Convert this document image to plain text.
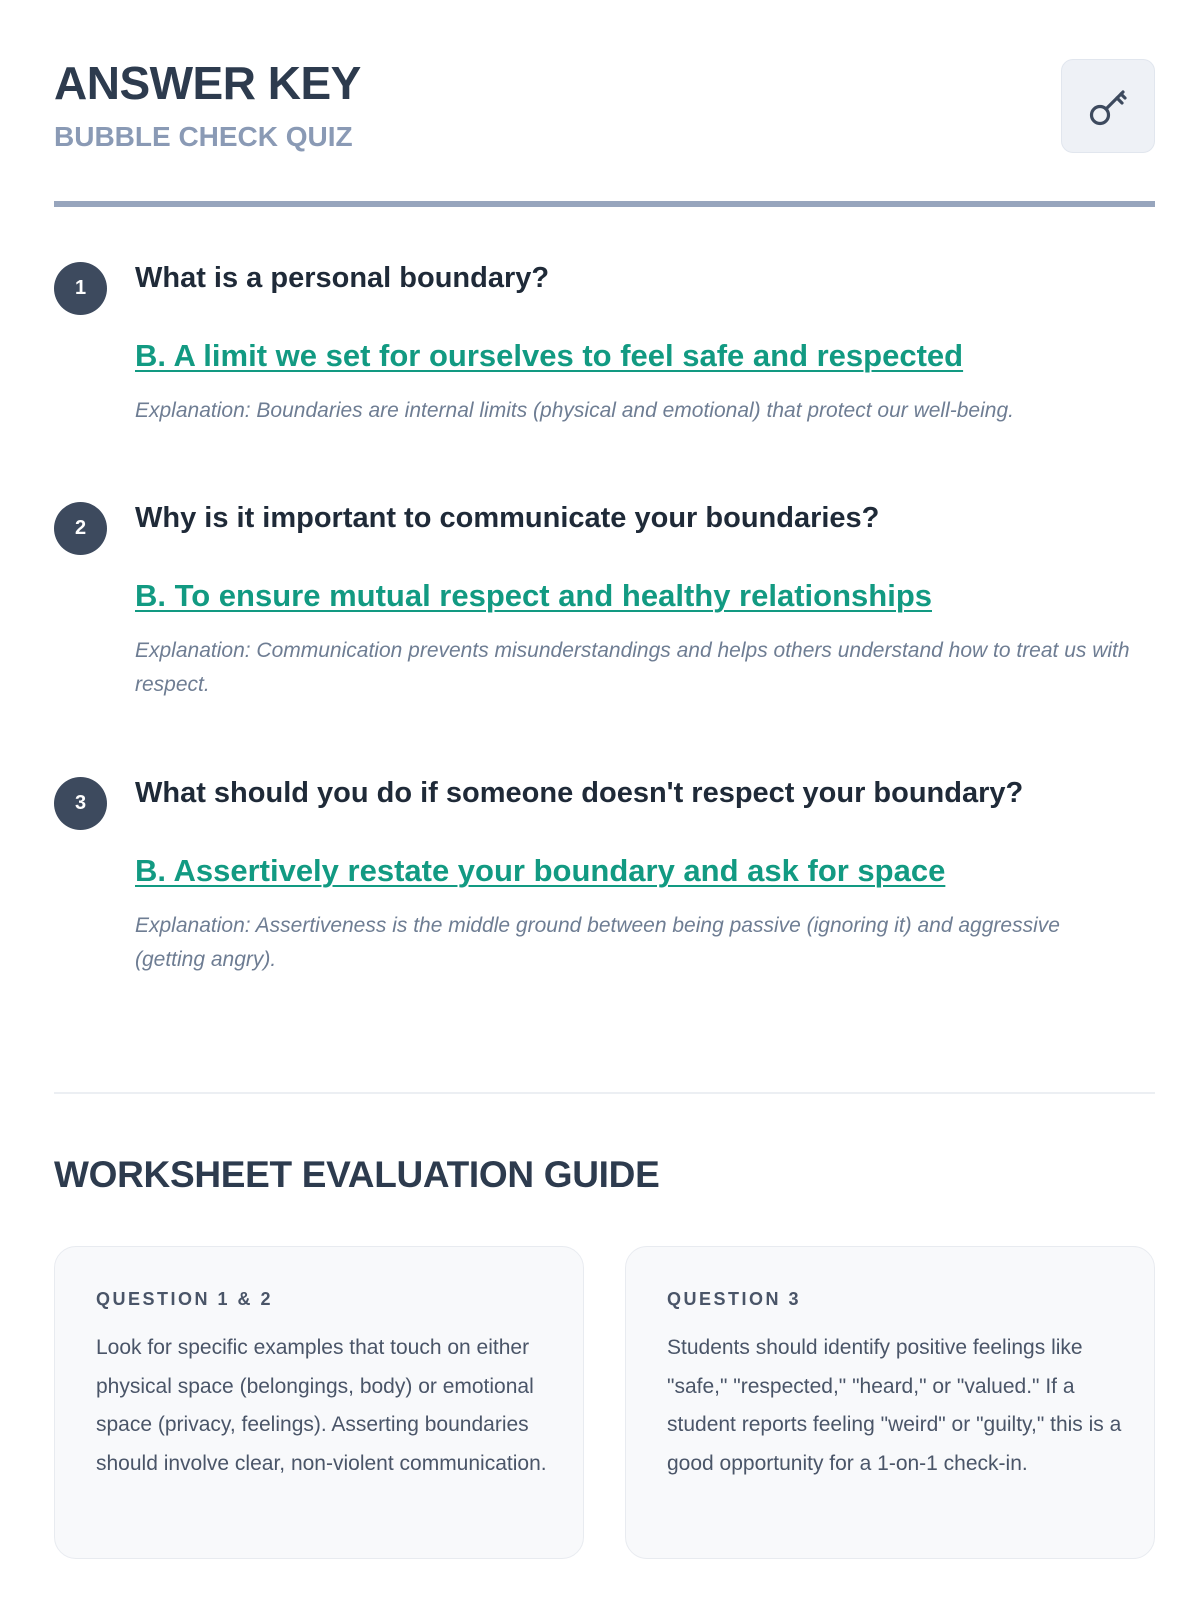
ANSWER KEY
BUBBLE CHECK QUIZ
1	What is a personal boundary?

B. A limit we set for ourselves to feel safe and respected

Explanation: Boundaries are internal limits (physical and emotional) that protect our well-being.

2	Why is it important to communicate your boundaries?

B. To ensure mutual respect and healthy relationships

Explanation: Communication prevents misunderstandings and helps others understand how to treat us with respect.

3	What should you do if someone doesn't respect your boundary?

B. Assertively restate your boundary and ask for space

Explanation: Assertiveness is the middle ground between being passive (ignoring it) and aggressive (getting angry).

WORKSHEET EVALUATION GUIDE

QUESTION 1 & 2

Look for specific examples that touch on either physical space (belongings, body) or emotional space (privacy, feelings). Asserting boundaries should involve clear, non-violent communication.

QUESTION 3

Students should identify positive feelings like "safe," "respected," "heard," or "valued." If a student reports feeling "weird" or "guilty," this is a good opportunity for a 1-on-1 check-in.
